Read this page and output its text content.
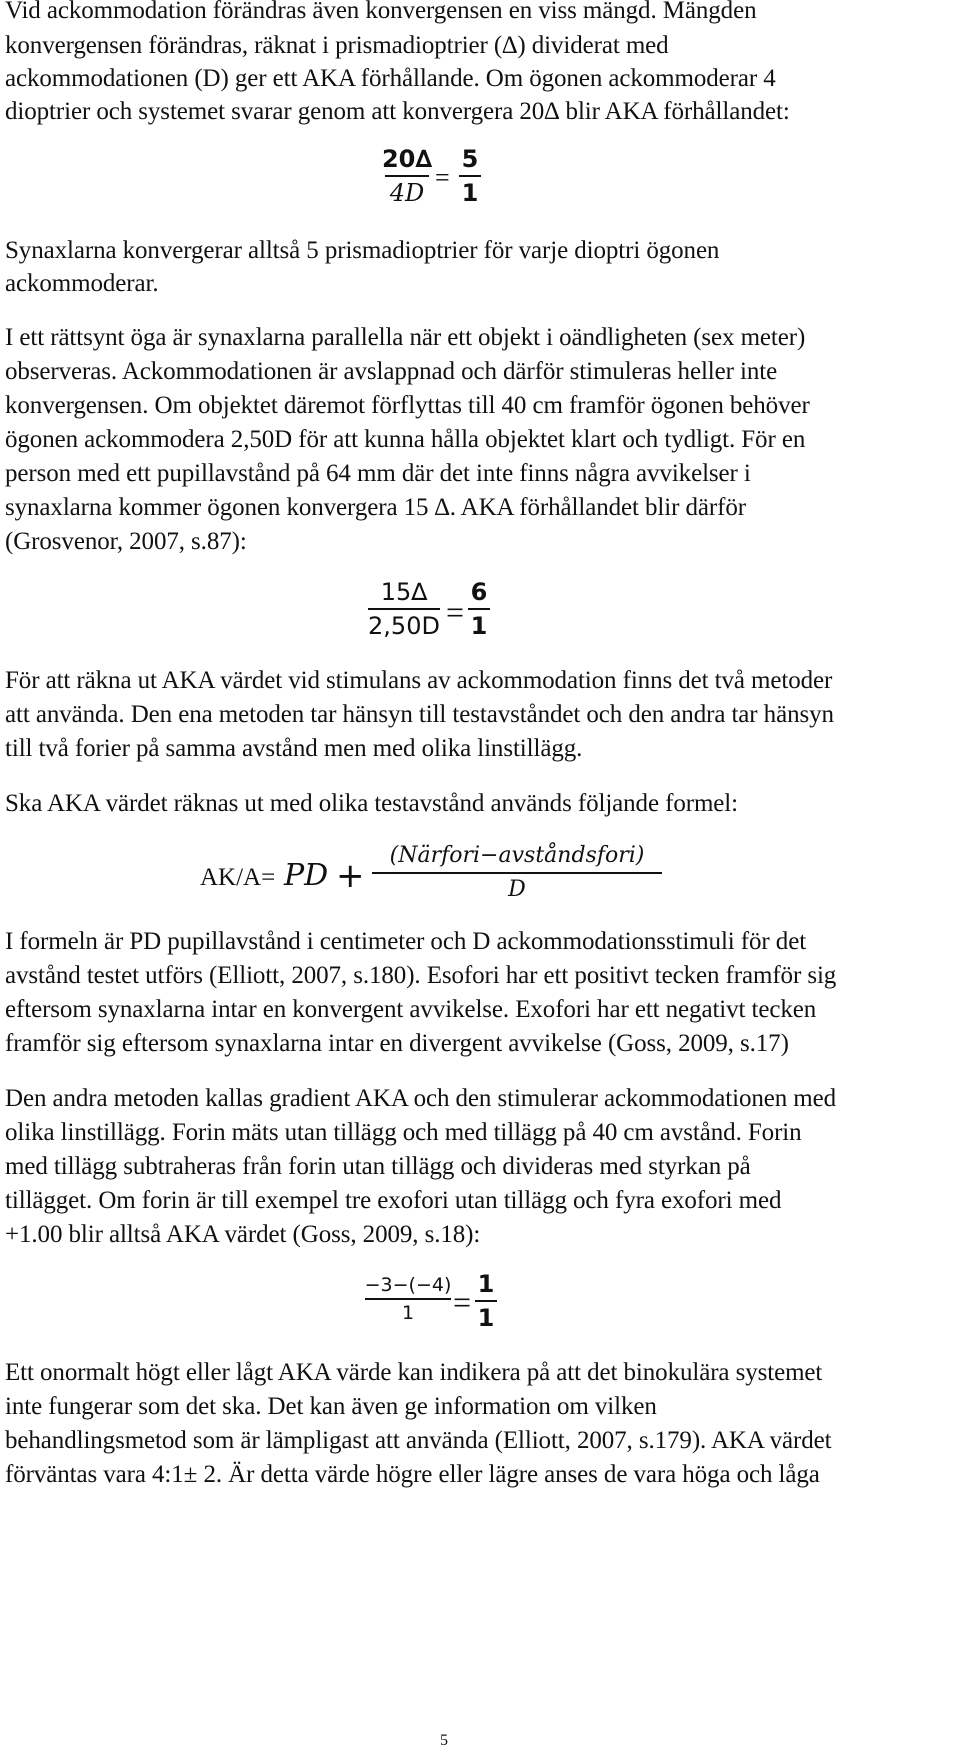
Vid ackommodation förändras även konvergensen en viss mängd. Mängden
konvergensen förändras, räknat i prismadioptrier (∆) dividerat med
ackommodationen (D) ger ett AKA förhållande. Om ögonen ackommoderar 4
dioptrier och systemet svarar genom att konvergera 20∆ blir AKA förhållandet:
20∆
4D
=
5
1
Synaxlarna konvergerar alltså 5 prismadioptrier för varje dioptri ögonen
ackommoderar.
I ett rättsynt öga är synaxlarna parallella när ett objekt i oändligheten (sex meter)
observeras. Ackommodationen är avslappnad och därför stimuleras heller inte
konvergensen. Om objektet däremot förflyttas till 40 cm framför ögonen behöver
ögonen ackommodera 2,50D för att kunna hålla objektet klart och tydligt. För en
person med ett pupillavstånd på 64 mm där det inte finns några avvikelser i
synaxlarna kommer ögonen konvergera 15 ∆. AKA förhållandet blir därför
(Grosvenor, 2007, s.87):
15∆
2,50D =
6
1
För att räkna ut AKA värdet vid stimulans av ackommodation finns det två metoder
att använda. Den ena metoden tar hänsyn till testavståndet och den andra tar hänsyn
till två forier på samma avstånd men med olika linstillägg.
Ska AKA värdet räknas ut med olika testavstånd används följande formel:
AK/A= PD +
(Närfori−avståndsfori)
D
I formeln är PD pupillavstånd i centimeter och D ackommodationsstimuli för det
avstånd testet utförs (Elliott, 2007, s.180). Esofori har ett positivt tecken framför sig
eftersom synaxlarna intar en konvergent avvikelse. Exofori har ett negativt tecken
framför sig eftersom synaxlarna intar en divergent avvikelse (Goss, 2009, s.17)
Den andra metoden kallas gradient AKA och den stimulerar ackommodationen med
olika linstillägg. Forin mäts utan tillägg och med tillägg på 40 cm avstånd. Forin
med tillägg subtraheras från forin utan tillägg och divideras med styrkan på
tillägget. Om forin är till exempel tre exofori utan tillägg och fyra exofori med
+1.00 blir alltså AKA värdet (Goss, 2009, s.18):
−3−(−4)
1 = 1
1
Ett onormalt högt eller lågt AKA värde kan indikera på att det binokulära systemet
inte fungerar som det ska. Det kan även ge information om vilken
behandlingsmetod som är lämpligast att använda (Elliott, 2007, s.179). AKA värdet
förväntas vara 4:1± 2. Är detta värde högre eller lägre anses de vara höga och låga
5
